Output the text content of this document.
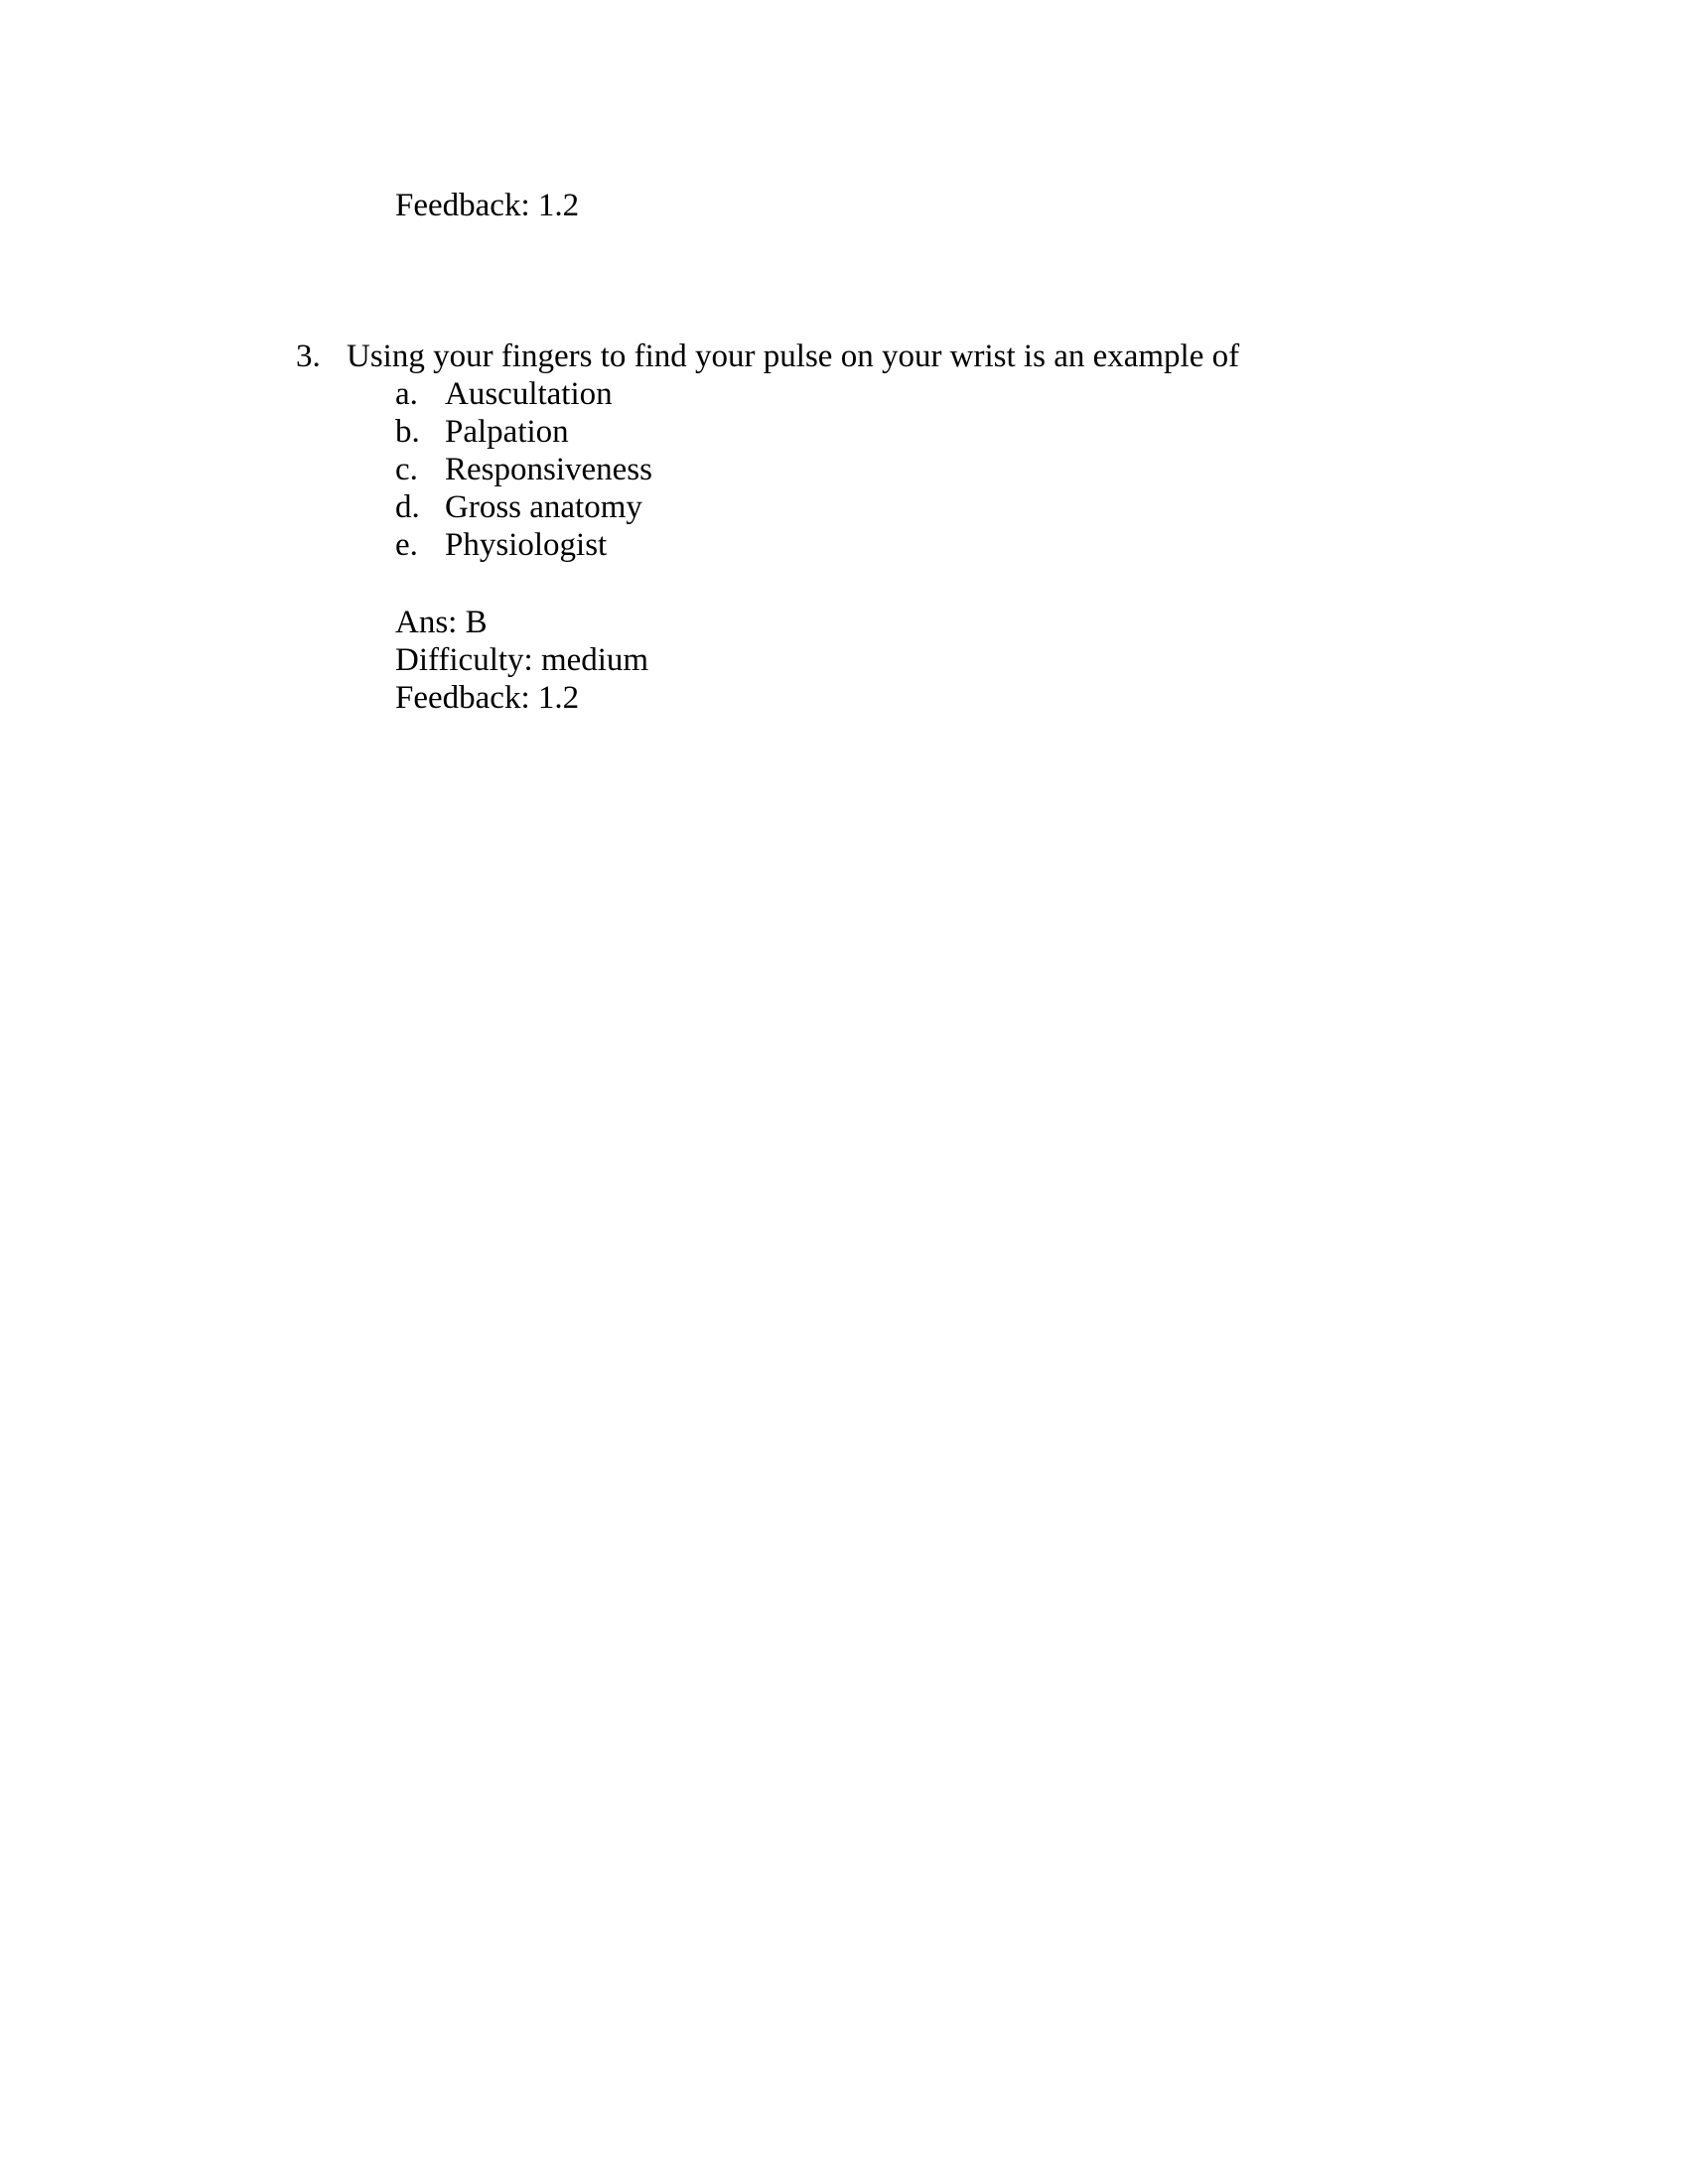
Feedback: 1.2

3. Using your fingers to find your pulse on your wrist is an example of
a. Auscultation
b. Palpation
c. Responsiveness
d. Gross anatomy
e. Physiologist
Ans: B
Difficulty: medium
Feedback: 1.2
